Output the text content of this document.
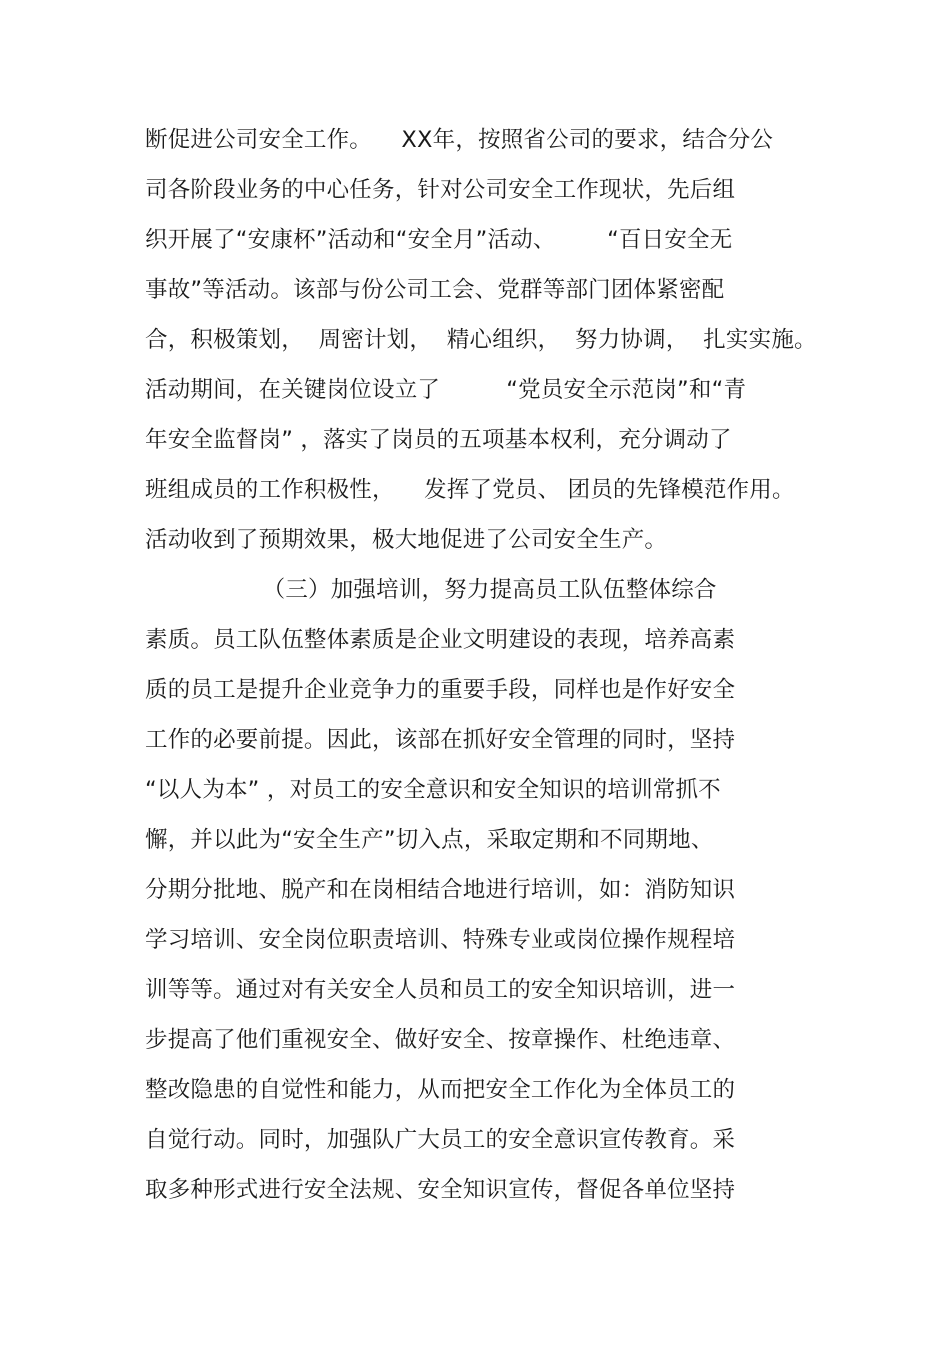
断促进公司安全工作。    XX年，按照省公司的要求，结合分公
司各阶段业务的中心任务，针对公司安全工作现状，先后组
织开展了“安康杯”活动和“安全月”活动、       “百日安全无
事故”等活动。该部与份公司工会、党群等部门团体紧密配
合，积极策划，  周密计划，  精心组织，  努力协调，  扎实实施。
活动期间，在关键岗位设立了         “党员安全示范岗”和“青
年安全监督岗” ，落实了岗员的五项基本权利，充分调动了
班组成员的工作积极性，    发挥了党员、 团员的先锋模范作用。
活动收到了预期效果，极大地促进了公司安全生产。
（三）加强培训，努力提高员工队伍整体综合
素质。员工队伍整体素质是企业文明建设的表现，培养高素
质的员工是提升企业竞争力的重要手段，同样也是作好安全
工作的必要前提。因此，该部在抓好安全管理的同时，坚持
“以人为本” ，对员工的安全意识和安全知识的培训常抓不
懈，并以此为“安全生产”切入点，采取定期和不同期地、
分期分批地、脱产和在岗相结合地进行培训，如：消防知识
学习培训、安全岗位职责培训、特殊专业或岗位操作规程培
训等等。通过对有关安全人员和员工的安全知识培训，进一
步提高了他们重视安全、做好安全、按章操作、杜绝违章、
整改隐患的自觉性和能力，从而把安全工作化为全体员工的
自觉行动。同时，加强队广大员工的安全意识宣传教育。采
取多种形式进行安全法规、安全知识宣传，督促各单位坚持
